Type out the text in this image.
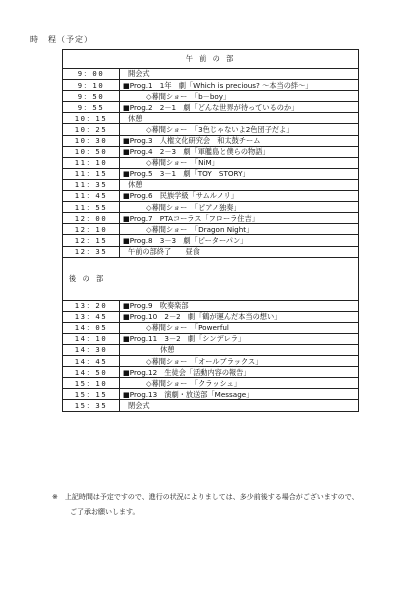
時　程（予定）
午 前 の 部	
9：00	開会式
9：10	■Prog.1　1年　劇「Which is precious? 〜本当の絆〜」
9：50	◇幕間ショー　「b－boy」
9：55	■Prog.2　2－1　劇「どんな世界が待っているのか」
10：15	休憩
10：25	◇幕間ショー　「3色じゃないよ2色団子だよ」
10：30	■Prog.3　人権文化研究会　和太鼓チーム
10：50	■Prog.4　2－3　劇「軍艦島と僕らの物語」
11：10	◇幕間ショー　「NiM」
11：15	■Prog.5　3－1　劇「TOY　STORY」
11：35	休憩
11：45	■Prog.6　民族学級「サムルノリ」
11：55	◇幕間ショー　「ピアノ独奏」
12：00	■Prog.7　PTAコーラス「フローラ住吉」
12：10	◇幕間ショー　「Dragon Night」
12：15	■Prog.8　3－3　劇「ピーターパン」
12：35	午前の部終了　　昼食
後 の 部	
13：20	■Prog.9　吹奏楽部
13：45	■Prog.10　2－2　劇「鶴が運んだ本当の想い」
14：05	◇幕間ショー　「Powerful
14：10	■Prog.11　3－2　劇「シンデレラ」
14：30	休憩
14：45	◇幕間ショー　「オールブラックス」
14：50	■Prog.12　生徒会「活動内容の報告」
15：10	◇幕間ショー　「クラッシュ」
15：15	■Prog.13　演劇・放送部「Message」
15：35	閉会式
※　上記時間は予定ですので、進行の状況によりましては、多少前後する場合がございますので、
ご了承お願いします。
